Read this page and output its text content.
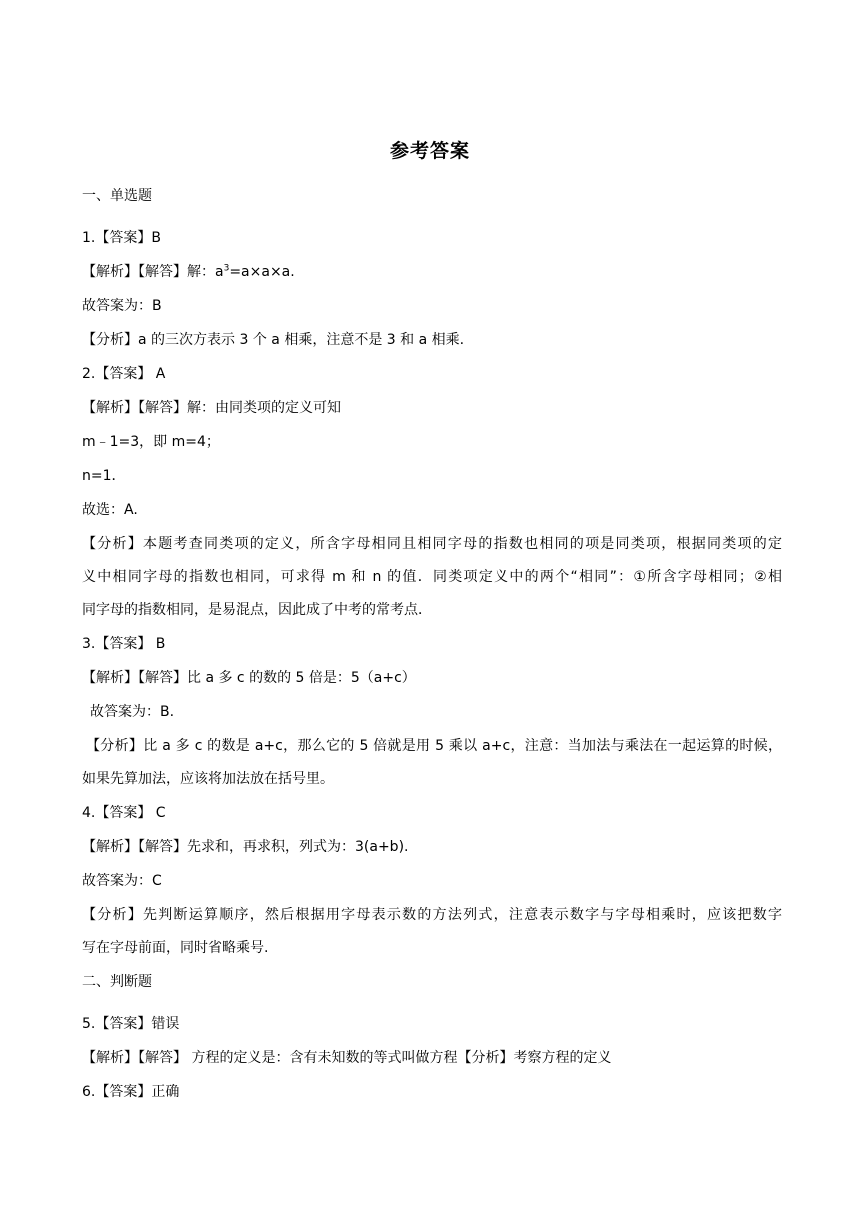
参考答案
一、单选题
1.【答案】B
【解析】【解答】解：$a^3=a\times a\times a$.
故答案为：B
【分析】a 的三次方表示 3 个 a 相乘，注意不是 3 和 a 相乘.
2.【答案】 A
【解析】【解答】解：由同类项的定义可知
m﹣1=3，即 m=4；
n=1．
故选：A.
【分析】本题考查同类项的定义，所含字母相同且相同字母的指数也相同的项是同类项，根据同类项的定
义中相同字母的指数也相同，可求得 m 和 n 的值．同类项定义中的两个“相同”：①所含字母相同；②相
同字母的指数相同，是易混点，因此成了中考的常考点．
3.【答案】 B
【解析】【解答】比 a 多 c 的数的 5 倍是：5（a+c）
故答案为：B.
【分析】比 a 多 c 的数是 a+c，那么它的 5 倍就是用 5 乘以 a+c，注意：当加法与乘法在一起运算的时候，
如果先算加法，应该将加法放在括号里。
4.【答案】 C
【解析】【解答】先求和，再求积，列式为：3(a+b).
故答案为：C
【分析】先判断运算顺序，然后根据用字母表示数的方法列式，注意表示数字与字母相乘时，应该把数字
写在字母前面，同时省略乘号.
二、判断题
5.【答案】错误
【解析】【解答】 方程的定义是：含有未知数的等式叫做方程【分析】考察方程的定义
6.【答案】正确
